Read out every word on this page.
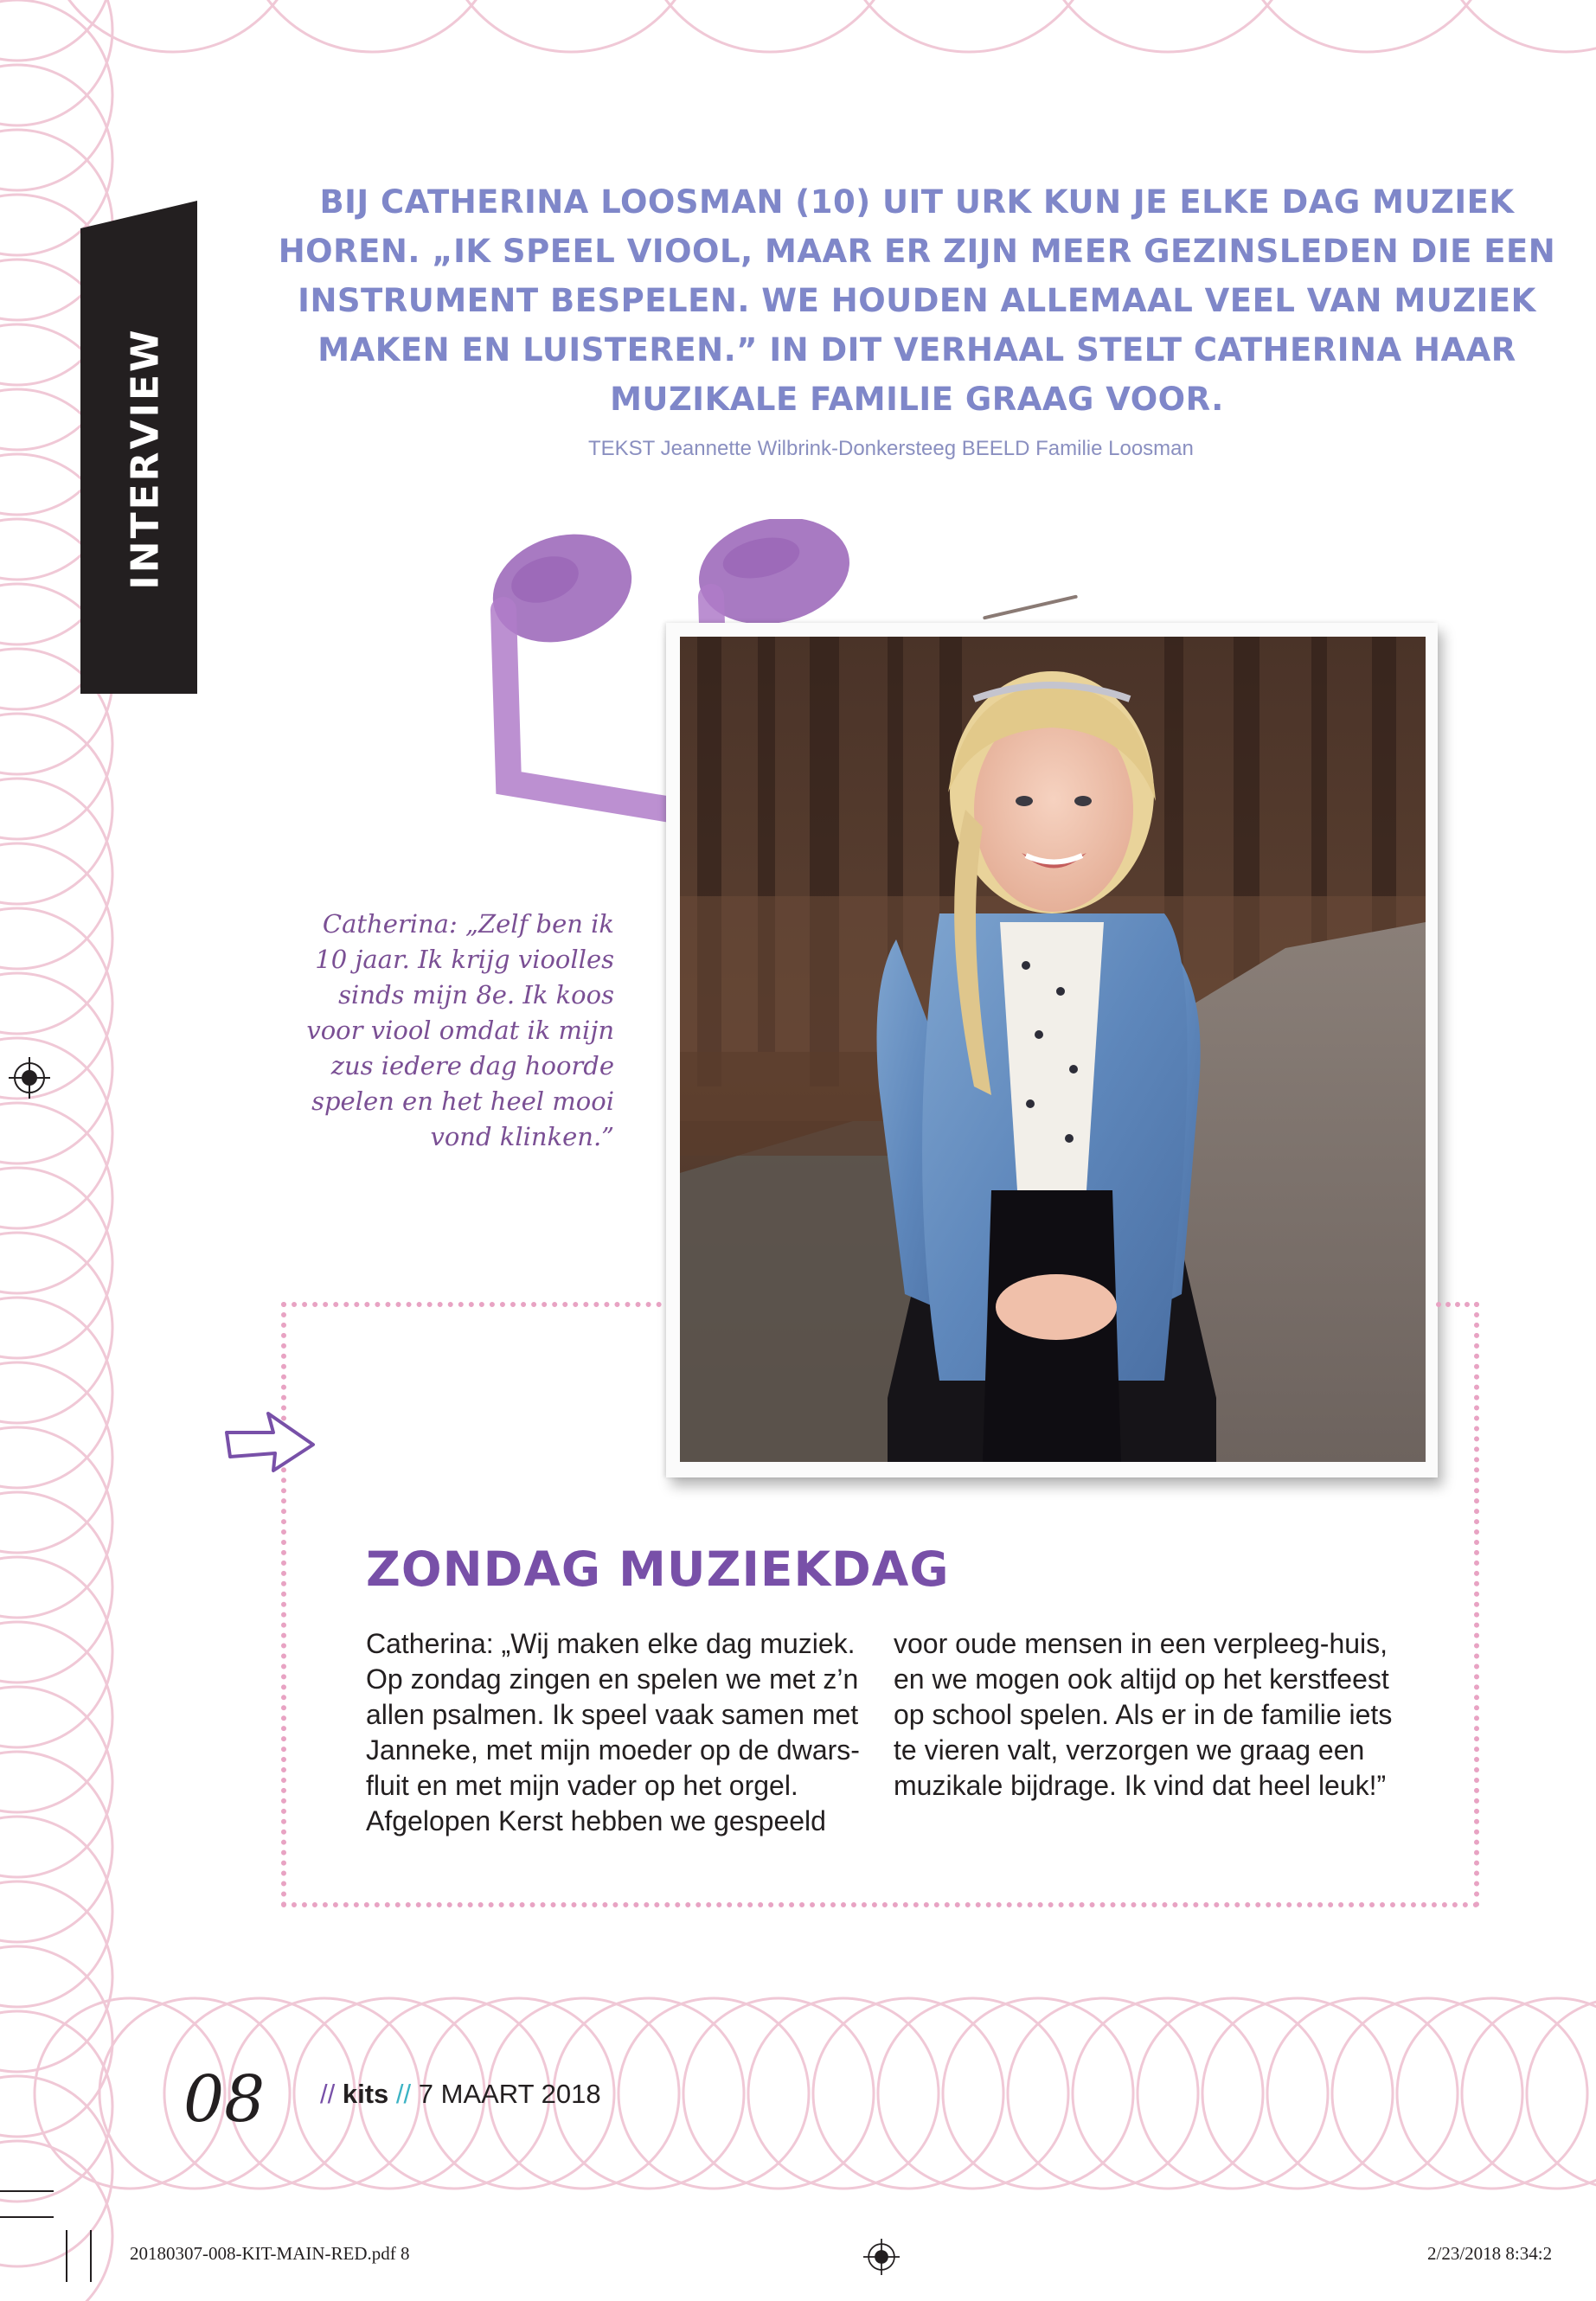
INTERVIEW
BIJ CATHERINA LOOSMAN (10) UIT URK KUN JE ELKE DAG MUZIEK HOREN. „IK SPEEL VIOOL, MAAR ER ZIJN MEER GEZINSLEDEN DIE EEN INSTRUMENT BESPELEN. WE HOUDEN ALLEMAAL VEEL VAN MUZIEK MAKEN EN LUISTEREN.” IN DIT VERHAAL STELT CATHERINA HAAR MUZIKALE FAMILIE GRAAG VOOR.
TEKST Jeannette Wilbrink-Donkersteeg BEELD Familie Loosman
Catherina: „Zelf ben ik 10 jaar. Ik krijg vioolles sinds mijn 8e. Ik koos voor viool omdat ik mijn zus iedere dag hoorde spelen en het heel mooi vond klinken.”
ZONDAG MUZIEKDAG
Catherina: „Wij maken elke dag muziek. Op zondag zingen en spelen we met z’n allen psalmen. Ik speel vaak samen met Janneke, met mijn moeder op de dwars-fluit en met mijn vader op het orgel. Afgelopen Kerst hebben we gespeeld
voor oude mensen in een verpleeg-huis, en we mogen ook altijd op het kerstfeest op school spelen. Als er in de familie iets te vieren valt, verzorgen we graag een muzikale bijdrage. Ik vind dat heel leuk!”
08 // kits // 7 MAART 2018
20180307-008-KIT-MAIN-RED.pdf 8	2/23/2018 8:34:2
